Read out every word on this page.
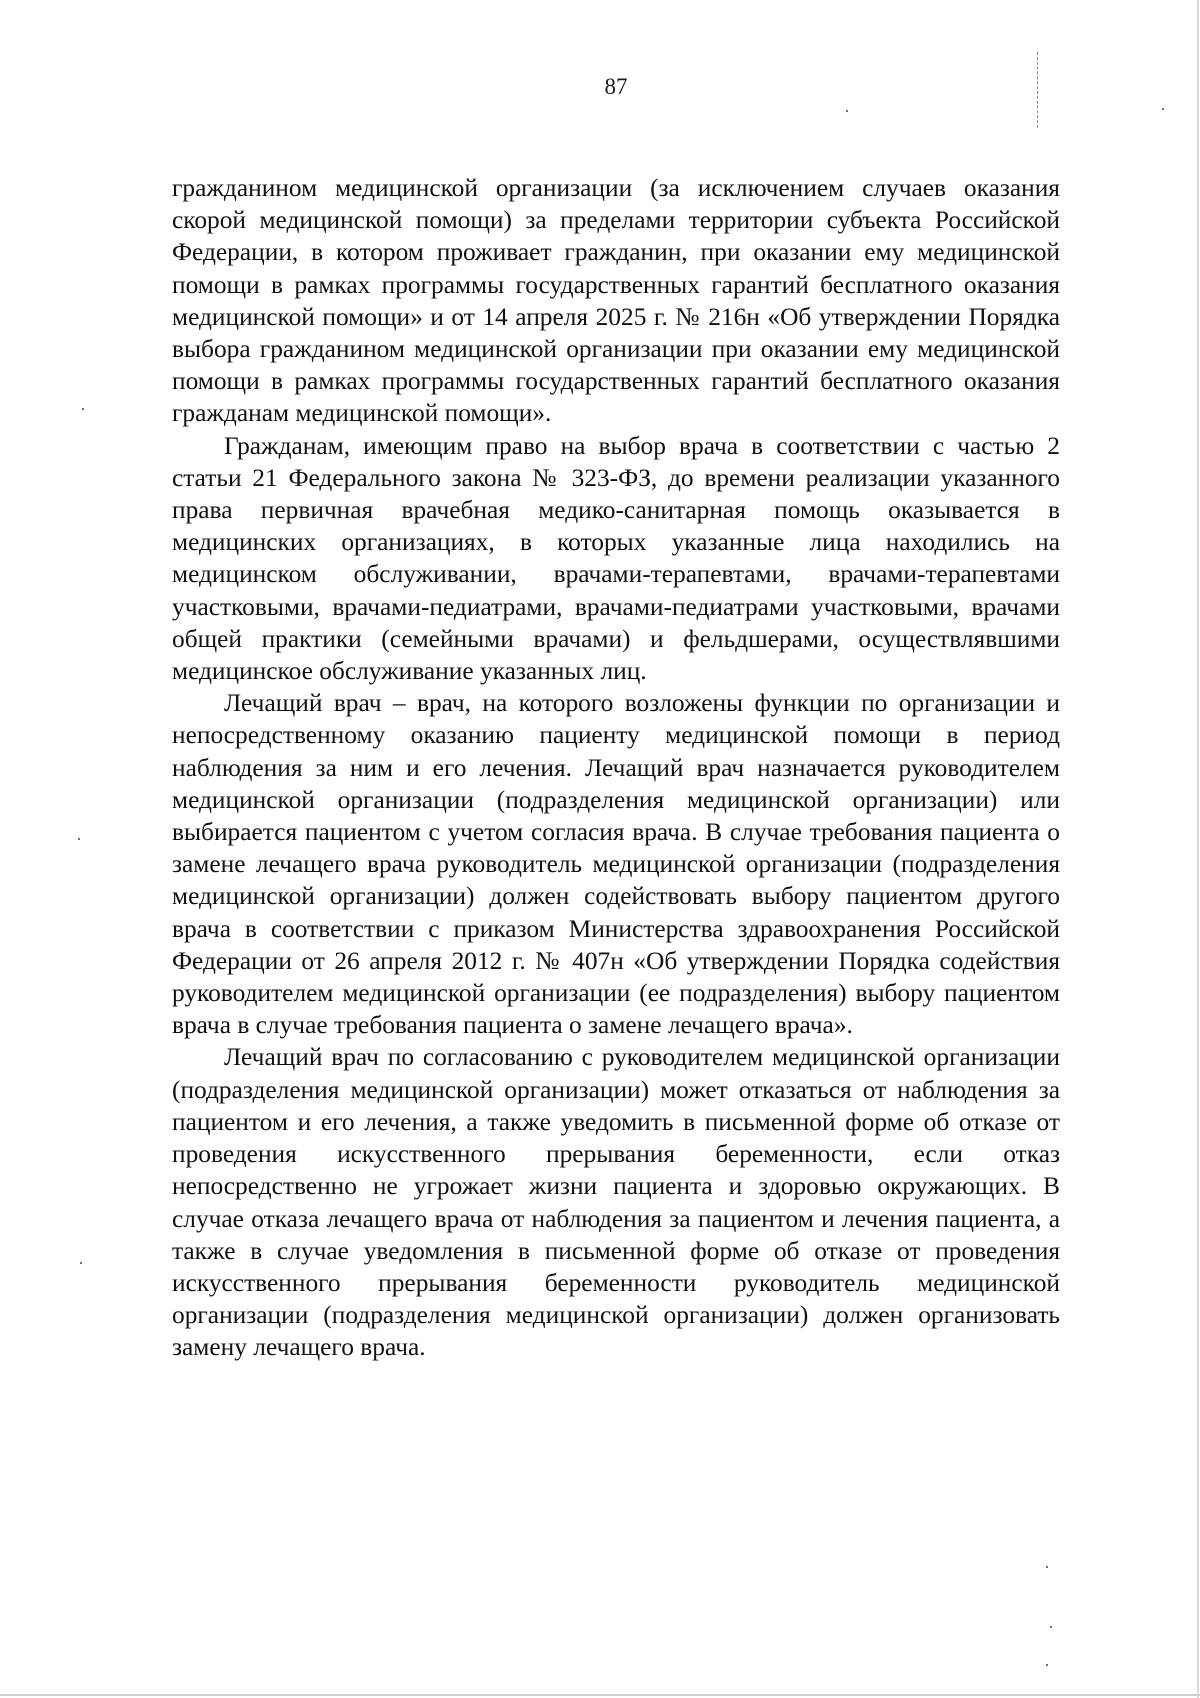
87

гражданином медицинской организации (за исключением случаев оказания скорой медицинской помощи) за пределами территории субъекта Российской Федерации, в котором проживает гражданин, при оказании ему медицинской помощи в рамках программы государственных гарантий бесплатного оказания медицинской помощи» и от 14 апреля 2025 г. № 216н «Об утверждении Порядка выбора гражданином медицинской организации при оказании ему медицинской помощи в рамках программы государственных гарантий бесплатного оказания гражданам медицинской помощи».

Гражданам, имеющим право на выбор врача в соответствии с частью 2 статьи 21 Федерального закона № 323-ФЗ, до времени реализации указанного права первичная врачебная медико-санитарная помощь оказывается в медицинских организациях, в которых указанные лица находились на медицинском обслуживании, врачами-терапевтами, врачами-терапевтами участковыми, врачами-педиатрами, врачами-педиатрами участковыми, врачами общей практики (семейными врачами) и фельдшерами, осуществлявшими медицинское обслуживание указанных лиц.

Лечащий врач – врач, на которого возложены функции по организации и непосредственному оказанию пациенту медицинской помощи в период наблюдения за ним и его лечения. Лечащий врач назначается руководителем медицинской организации (подразделения медицинской организации) или выбирается пациентом с учетом согласия врача. В случае требования пациента о замене лечащего врача руководитель медицинской организации (подразделения медицинской организации) должен содействовать выбору пациентом другого врача в соответствии с приказом Министерства здравоохранения Российской Федерации от 26 апреля 2012 г. № 407н «Об утверждении Порядка содействия руководителем медицинской организации (ее подразделения) выбору пациентом врача в случае требования пациента о замене лечащего врача».

Лечащий врач по согласованию с руководителем медицинской организации (подразделения медицинской организации) может отказаться от наблюдения за пациентом и его лечения, а также уведомить в письменной форме об отказе от проведения искусственного прерывания беременности, если отказ непосредственно не угрожает жизни пациента и здоровью окружающих. В случае отказа лечащего врача от наблюдения за пациентом и лечения пациента, а также в случае уведомления в письменной форме об отказе от проведения искусственного прерывания беременности руководитель медицинской организации (подразделения медицинской организации) должен организовать замену лечащего врача.
